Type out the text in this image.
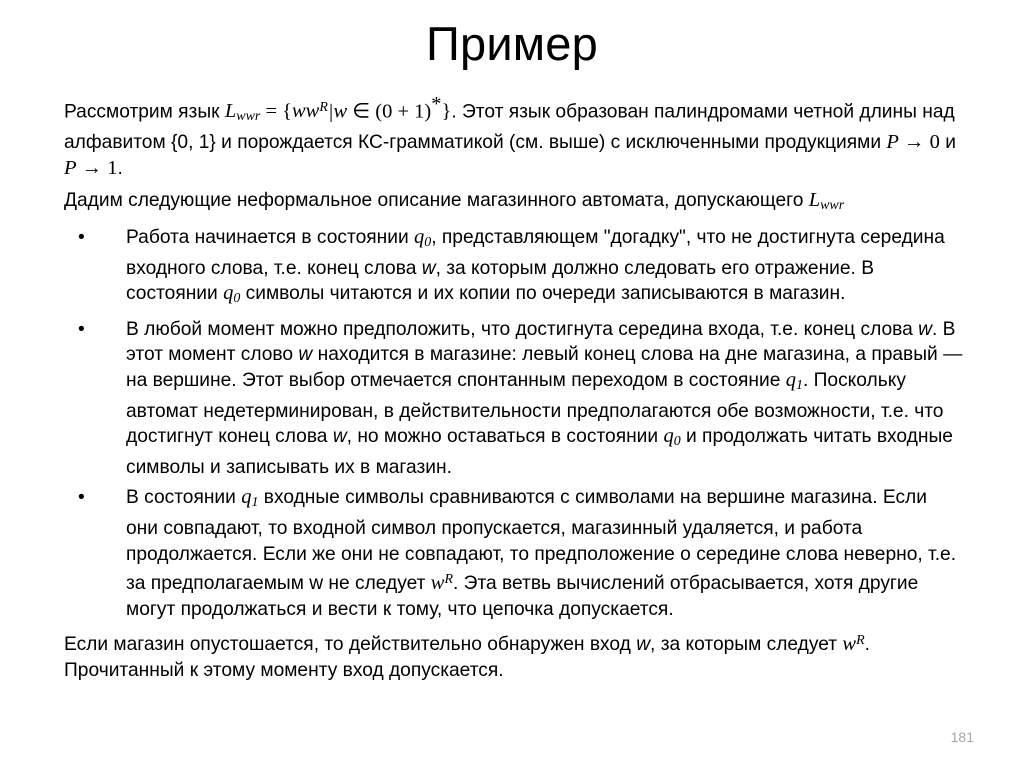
Пример

Рассмотрим язык $L_{wwr} = \{ww^R|w$ ∈ (0 + 1)*}. Этот язык образован палиндромами четной длины над алфавитом {0, 1} и порождается КС-грамматикой (см. выше) с исключенными продукциями P → 0 и P → 1.

Дадим следующие неформальное описание магазинного автомата, допускающего $L_{wwr}$

• Работа начинается в состоянии $q_0$, представляющем "догадку", что не достигнута середина входного слова, т.е. конец слова w, за которым должно следовать его отражение. В состоянии $q_0$ символы читаются и их копии по очереди записываются в магазин.
• В любой момент можно предположить, что достигнута середина входа, т.е. конец слова w. В этот момент слово w находится в магазине: левый конец слова на дне магазина, а правый — на вершине. Этот выбор отмечается спонтанным переходом в состояние $q_1$. Поскольку автомат недетерминирован, в действительности предполагаются обе возможности, т.е. что достигнут конец слова w, но можно оставаться в состоянии $q_0$ и продолжать читать входные символы и записывать их в магазин.
• В состоянии $q_1$ входные символы сравниваются с символами на вершине магазина. Если они совпадают, то входной символ пропускается, магазинный удаляется, и работа продолжается. Если же они не совпадают, то предположение о середине слова неверно, т.е. за предполагаемым w не следует $w^R$. Эта ветвь вычислений отбрасывается, хотя другие могут продолжаться и вести к тому, что цепочка допускается.

Если магазин опустошается, то действительно обнаружен вход w, за которым следует $w^R$. Прочитанный к этому моменту вход допускается.

181
